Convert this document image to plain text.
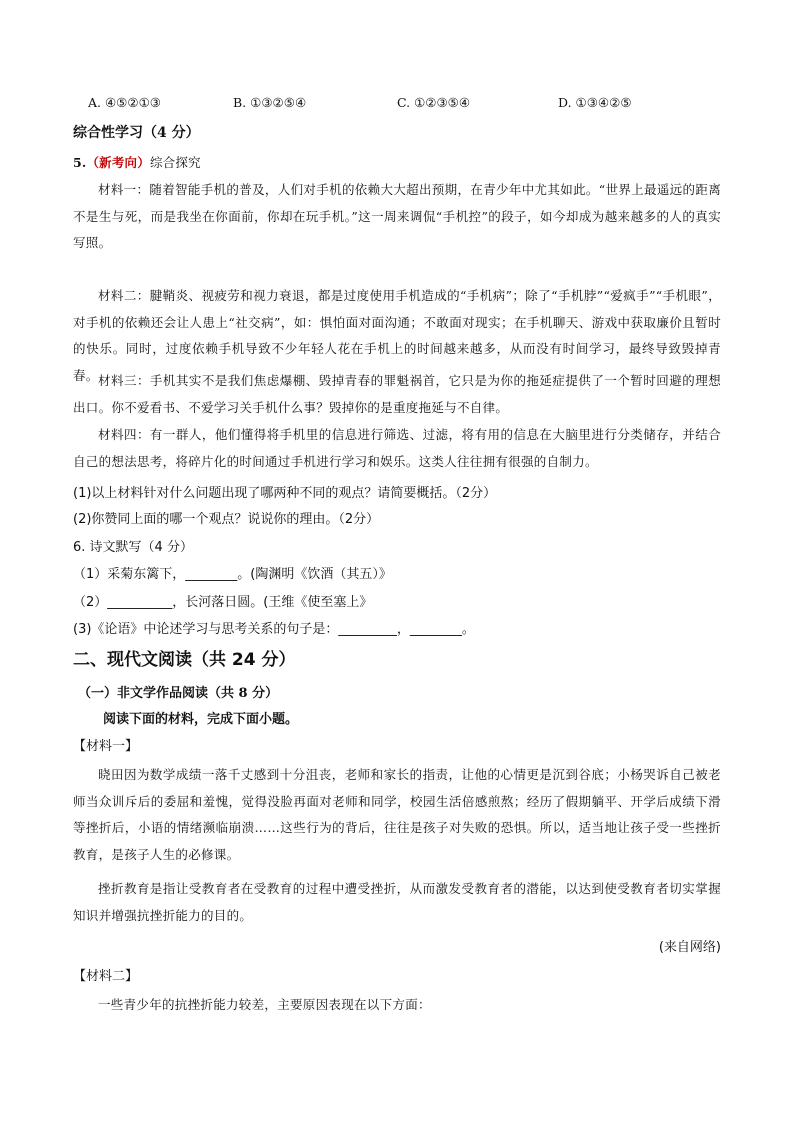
A. ④⑤②①③	B. ①③②⑤④	C. ①②③⑤④	D. ①③④②⑤
综合性学习（4 分）
5.（新考向）综合探究
材料一：随着智能手机的普及，人们对手机的依赖大大超出预期，在青少年中尤其如此。“世界上最遥远的距离不是生与死，而是我坐在你面前，你却在玩手机。”这一周来调侃“手机控”的段子，如今却成为越来越多的人的真实写照。
材料二：腱鞘炎、视疲劳和视力衰退，都是过度使用手机造成的“手机病”；除了“手机脖”“爱疯手”“手机眼”，对手机的依赖还会让人患上“社交病”，如：惧怕面对面沟通；不敢面对现实；在手机聊天、游戏中获取廉价且暂时的快乐。同时，过度依赖手机导致不少年轻人花在手机上的时间越来越多，从而没有时间学习，最终导致毁掉青春。 材料三：手机其实不是我们焦虑爆棚、毁掉青春的罪魁祸首，它只是为你的拖延症提供了一个暂时回避的理想出口。你不爱看书、不爱学习关手机什么事？毁掉你的是重度拖延与不自律。
材料四：有一群人，他们懂得将手机里的信息进行筛选、过滤，将有用的信息在大脑里进行分类储存，并结合自己的想法思考，将碎片化的时间通过手机进行学习和娱乐。这类人往往拥有很强的自制力。
(1)以上材料针对什么问题出现了哪两种不同的观点？请简要概括。（2分）
(2)你赞同上面的哪一个观点？说说你的理由。（2分）
6. 诗文默写（4 分）
（1）采菊东篱下，________。(陶渊明《饮酒（其五）》
（2）__________，长河落日圆。(王维《使至塞上》
(3)《论语》中论述学习与思考关系的句子是：_________，________。
二、现代文阅读（共 24 分）
（一）非文学作品阅读（共 8 分）
阅读下面的材料，完成下面小题。
【材料一】
晓田因为数学成绩一落千丈感到十分沮丧，老师和家长的指责，让他的心情更是沉到谷底；小杨哭诉自己被老师当众训斥后的委屈和羞愧，觉得没脸再面对老师和同学，校园生活倍感煎熬；经历了假期躺平、开学后成绩下滑等挫折后，小语的情绪濒临崩溃……这些行为的背后，往往是孩子对失败的恐惧。所以，适当地让孩子受一些挫折教育，是孩子人生的必修课。
挫折教育是指让受教育者在受教育的过程中遭受挫折，从而激发受教育者的潜能，以达到使受教育者切实掌握知识并增强抗挫折能力的目的。
(来自网络)
【材料二】
一些青少年的抗挫折能力较差，主要原因表现在以下方面：
